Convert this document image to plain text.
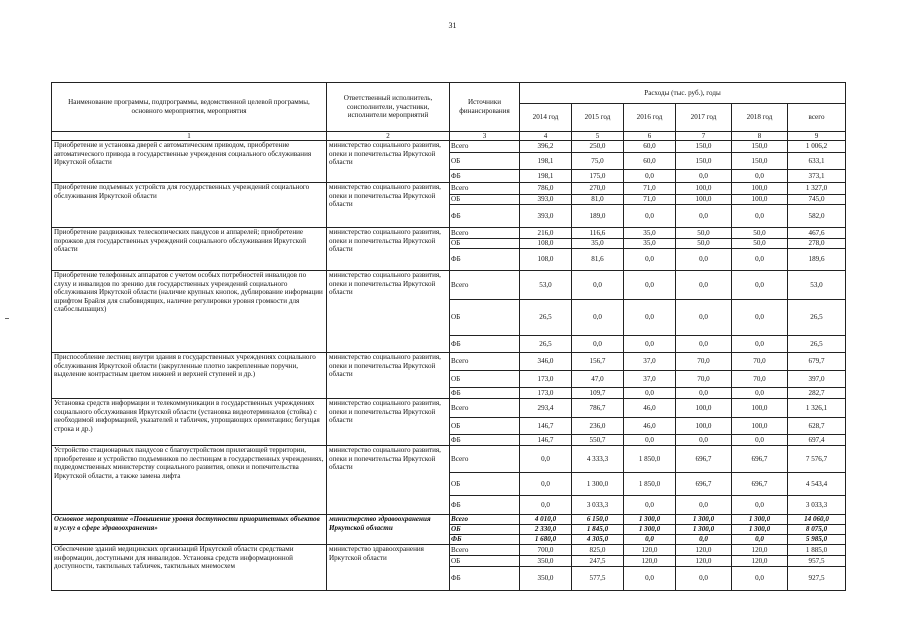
31
Наименование программы, подпрограммы, ведомственной целевой программы, основного мероприятия, мероприятия	Ответственный исполнитель, соисполнители, участники, исполнители мероприятий	Источники финансирования	Расходы (тыс. руб.), годы					
			2014 год	2015 год	2016 год	2017 год	2018 год	всего
1	2	3	4	5	6	7	8	9
Приобретение и установка дверей с автоматическим приводом, приобретение автоматического привода в государственные учреждения социального обслуживания Иркутской области	министерство социального развития, опеки и попечительства Иркутской области	Всего	396,2	250,0	60,0	150,0	150,0	1 006,2
		ОБ	198,1	75,0	60,0	150,0	150,0	633,1
		ФБ	198,1	175,0	0,0	0,0	0,0	373,1
Приобретение подъемных устройств для государственных учреждений социального обслуживания Иркутской области	министерство социального развития, опеки и попечительства Иркутской области	Всего	786,0	270,0	71,0	100,0	100,0	1 327,0
		ОБ	393,0	81,0	71,0	100,0	100,0	745,0
		ФБ	393,0	189,0	0,0	0,0	0,0	582,0
Приобретение раздвижных телескопических пандусов и аппарелей; приобретение порожков для государственных учреждений социального обслуживания Иркутской области	министерство социального развития, опеки и попечительства Иркутской области	Всего	216,0	116,6	35,0	50,0	50,0	467,6
		ОБ	108,0	35,0	35,0	50,0	50,0	278,0
		ФБ	108,0	81,6	0,0	0,0	0,0	189,6
Приобретение телефонных аппаратов с учетом особых потребностей инвалидов по слуху и инвалидов по зрению для государственных учреждений социального обслуживания Иркутской области (наличие крупных кнопок, дублирование информации шрифтом Брайля для слабовидящих, наличие регулировки уровня громкости для слабослышащих)	министерство социального развития, опеки и попечительства Иркутской области	Всего	53,0	0,0	0,0	0,0	0,0	53,0
		ОБ	26,5	0,0	0,0	0,0	0,0	26,5
		ФБ	26,5	0,0	0,0	0,0	0,0	26,5
Приспособление лестниц внутри здания в государственных учреждениях социального обслуживания Иркутской области (закругленные плотно закрепленные поручни, выделение контрастным цветом нижней и верхней ступеней и др.)	министерство социального развития, опеки и попечительства Иркутской области	Всего	346,0	156,7	37,0	70,0	70,0	679,7
		ОБ	173,0	47,0	37,0	70,0	70,0	397,0
		ФБ	173,0	109,7	0,0	0,0	0,0	282,7
Установка средств информации и телекоммуникации в государственных учреждениях социального обслуживания Иркутской области (установка видеотерминалов (стойка) с необходимой информацией, указателей и табличек, упрощающих ориентацию; бегущая строка и др.)	министерство социального развития, опеки и попечительства Иркутской области	Всего	293,4	786,7	46,0	100,0	100,0	1 326,1
		ОБ	146,7	236,0	46,0	100,0	100,0	628,7
		ФБ	146,7	550,7	0,0	0,0	0,0	697,4
Устройство стационарных пандусов с благоустройством прилегающей территории, приобретение и устройство подъемников по лестницам в государственных учреждениях, подведомственных министерству социального развития, опеки и попечительства Иркутской области, а также замена лифта	министерство социального развития, опеки и попечительства Иркутской области	Всего	0,0	4 333,3	1 850,0	696,7	696,7	7 576,7
		ОБ	0,0	1 300,0	1 850,0	696,7	696,7	4 543,4
		ФБ	0,0	3 033,3	0,0	0,0	0,0	3 033,3
Основное мероприятие «Повышение уровня доступности приоритетных объектов и услуг в сфере здравоохранения»	министерство здравоохранения Иркутской области	Всего	4 010,0	6 150,0	1 300,0	1 300,0	1 300,0	14 060,0
		ОБ	2 330,0	1 845,0	1 300,0	1 300,0	1 300,0	8 075,0
		ФБ	1 680,0	4 305,0	0,0	0,0	0,0	5 985,0
Обеспечение зданий медицинских организаций Иркутской области средствами информации, доступными для инвалидов. Установка средств информационной доступности, тактильных табличек, тактильных мнемосхем	министерство здравоохранения Иркутской области	Всего	700,0	825,0	120,0	120,0	120,0	1 885,0
		ОБ	350,0	247,5	120,0	120,0	120,0	957,5
		ФБ	350,0	577,5	0,0	0,0	0,0	927,5
